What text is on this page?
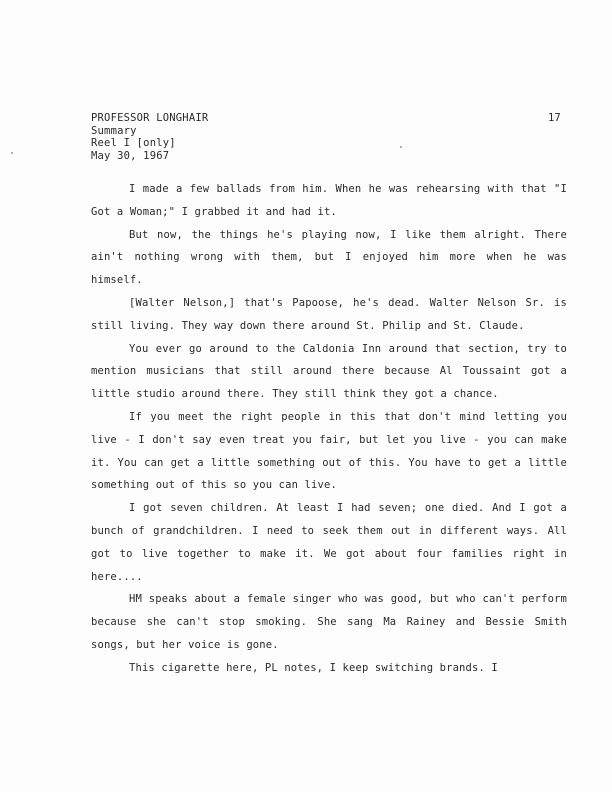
PROFESSOR LONGHAIR
Summary
Reel I [only]
May 30, 1967
17

I made a few ballads from him. When he was rehearsing with that "I Got a Woman;" I grabbed it and had it.

But now, the things he's playing now, I like them alright. There ain't nothing wrong with them, but I enjoyed him more when he was himself.

[Walter Nelson,] that's Papoose, he's dead. Walter Nelson Sr. is still living. They way down there around St. Philip and St. Claude.

You ever go around to the Caldonia Inn around that section, try to mention musicians that still around there because Al Toussaint got a little studio around there. They still think they got a chance.

If you meet the right people in this that don't mind letting you live - I don't say even treat you fair, but let you live - you can make it. You can get a little something out of this. You have to get a little something out of this so you can live.

I got seven children. At least I had seven; one died. And I got a bunch of grandchildren. I need to seek them out in different ways. All got to live together to make it. We got about four families right in here....

HM speaks about a female singer who was good, but who can't perform because she can't stop smoking. She sang Ma Rainey and Bessie Smith songs, but her voice is gone.

This cigarette here, PL notes, I keep switching brands. I
